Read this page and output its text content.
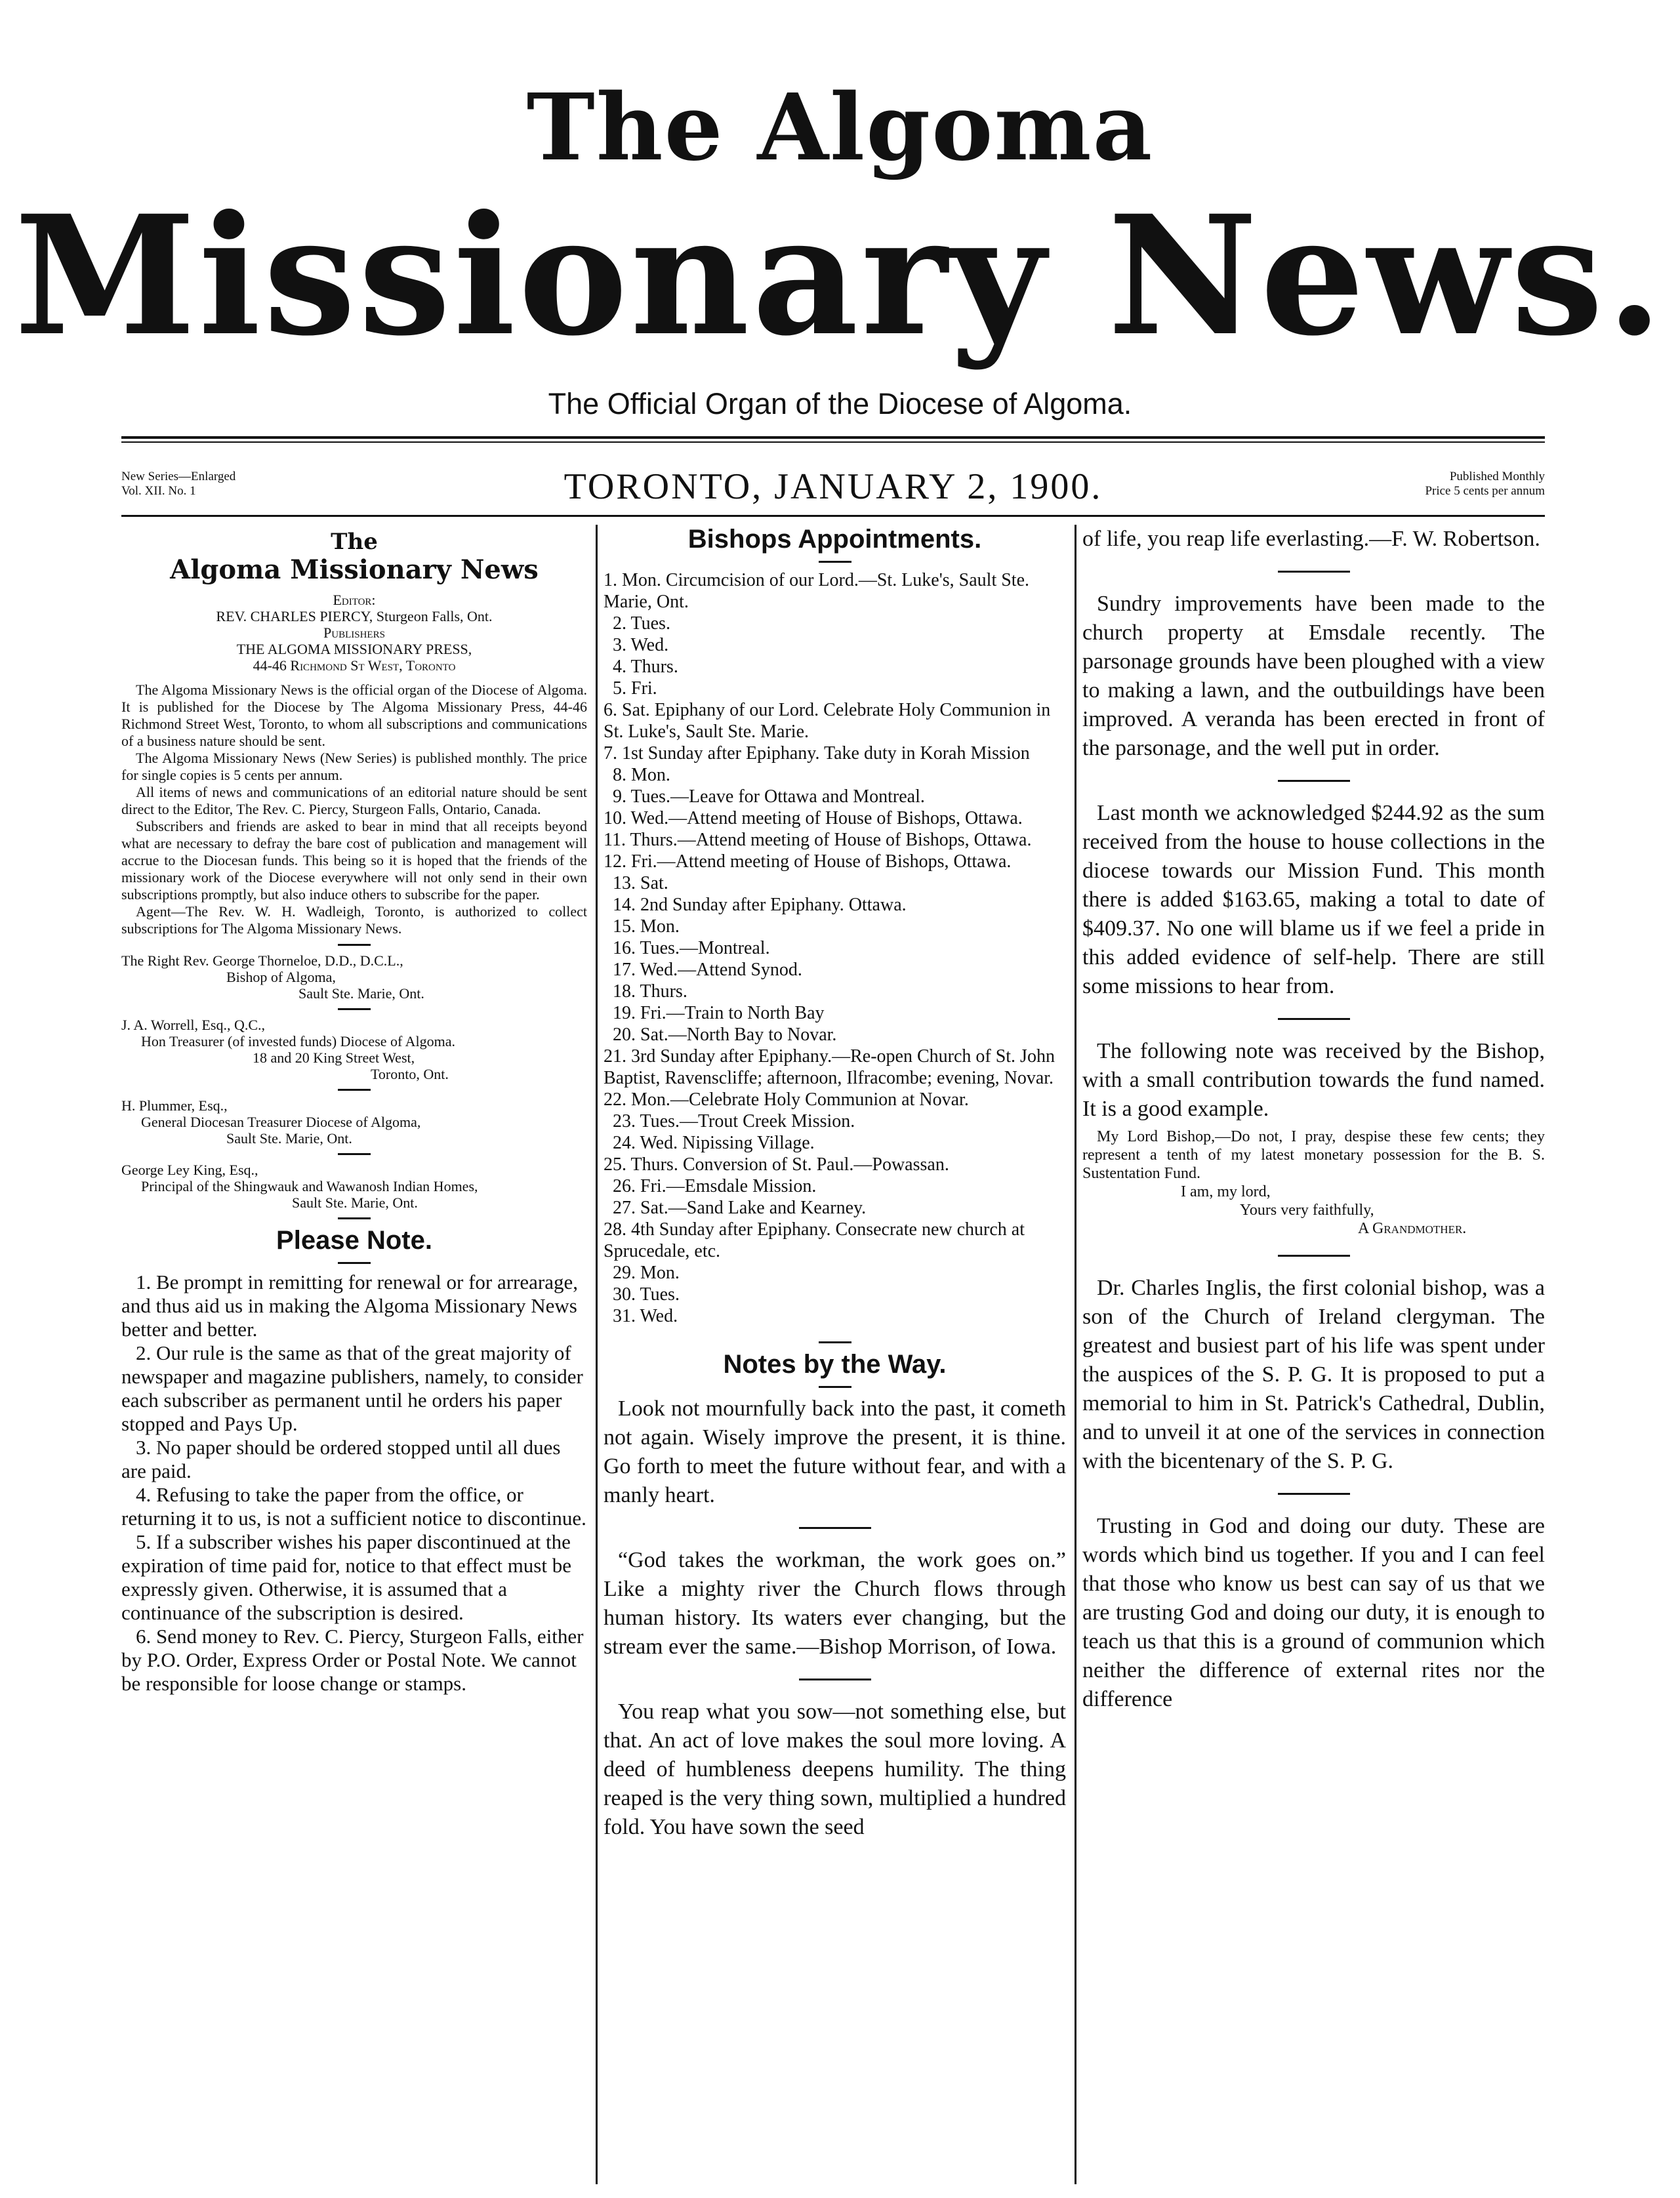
The Algoma
Missionary News.
The Official Organ of the Diocese of Algoma.
New Series—Enlarged
Vol. XII. No. 1	TORONTO, JANUARY 2, 1900.	Published Monthly
Price 5 cents per annum
The
Algoma Missionary News

Editor:

REV. CHARLES PIERCY, Sturgeon Falls, Ont.

Publishers

THE ALGOMA MISSIONARY PRESS,

44-46 Richmond St West, Toronto

The Algoma Missionary News is the official organ of the Diocese of Algoma. It is published for the Diocese by The Algoma Missionary Press, 44-46 Richmond Street West, Toronto, to whom all subscriptions and communications of a business nature should be sent.

The Algoma Missionary News (New Series) is published monthly. The price for single copies is 5 cents per annum.

All items of news and communications of an editorial nature should be sent direct to the Editor, The Rev. C. Piercy, Sturgeon Falls, Ontario, Canada.

Subscribers and friends are asked to bear in mind that all receipts beyond what are necessary to defray the bare cost of publication and management will accrue to the Diocesan funds. This being so it is hoped that the friends of the missionary work of the Diocese everywhere will not only send in their own subscriptions promptly, but also induce others to subscribe for the paper.

Agent—The Rev. W. H. Wadleigh, Toronto, is authorized to collect subscriptions for The Algoma Missionary News.

The Right Rev. George Thorneloe, D.D., D.C.L.,

Bishop of Algoma,

Sault Ste. Marie, Ont.

J. A. Worrell, Esq., Q.C.,

Hon Treasurer (of invested funds) Diocese of Algoma.

18 and 20 King Street West,

Toronto, Ont.

H. Plummer, Esq.,

General Diocesan Treasurer Diocese of Algoma,

Sault Ste. Marie, Ont.

George Ley King, Esq.,

Principal of the Shingwauk and Wawanosh Indian Homes,

Sault Ste. Marie, Ont.

Please Note.

1. Be prompt in remitting for renewal or for arrearage, and thus aid us in making the Algoma Missionary News better and better.

2. Our rule is the same as that of the great majority of newspaper and magazine publishers, namely, to consider each subscriber as permanent until he orders his paper stopped and Pays Up.

3. No paper should be ordered stopped until all dues are paid.

4. Refusing to take the paper from the office, or returning it to us, is not a sufficient notice to discontinue.

5. If a subscriber wishes his paper discontinued at the expiration of time paid for, notice to that effect must be expressly given. Otherwise, it is assumed that a continuance of the subscription is desired.

6. Send money to Rev. C. Piercy, Sturgeon Falls, either by P.O. Order, Express Order or Postal Note. We cannot be responsible for loose change or stamps.

Bishops Appointments.
1. Mon. Circumcision of our Lord.—St. Luke's, Sault Ste. Marie, Ont.
2. Tues.
3. Wed.
4. Thurs.
5. Fri.
6. Sat. Epiphany of our Lord. Celebrate Holy Communion in St. Luke's, Sault Ste. Marie.
7. 1st Sunday after Epiphany. Take duty in Korah Mission
8. Mon.
9. Tues.—Leave for Ottawa and Montreal.
10. Wed.—Attend meeting of House of Bishops, Ottawa.
11. Thurs.—Attend meeting of House of Bishops, Ottawa.
12. Fri.—Attend meeting of House of Bishops, Ottawa.
13. Sat.
14. 2nd Sunday after Epiphany. Ottawa.
15. Mon.
16. Tues.—Montreal.
17. Wed.—Attend Synod.
18. Thurs.
19. Fri.—Train to North Bay
20. Sat.—North Bay to Novar.
21. 3rd Sunday after Epiphany.—Re-open Church of St. John Baptist, Ravenscliffe; afternoon, Ilfracombe; evening, Novar.
22. Mon.—Celebrate Holy Communion at Novar.
23. Tues.—Trout Creek Mission.
24. Wed. Nipissing Village.
25. Thurs. Conversion of St. Paul.—Powassan.
26. Fri.—Emsdale Mission.
27. Sat.—Sand Lake and Kearney.
28. 4th Sunday after Epiphany. Consecrate new church at Sprucedale, etc.
29. Mon.
30. Tues.
31. Wed.
Notes by the Way.

Look not mournfully back into the past, it cometh not again. Wisely improve the present, it is thine. Go forth to meet the future without fear, and with a manly heart.

“God takes the workman, the work goes on.” Like a mighty river the Church flows through human history. Its waters ever changing, but the stream ever the same.—Bishop Morrison, of Iowa.

You reap what you sow—not something else, but that. An act of love makes the soul more loving. A deed of humbleness deepens humility. The thing reaped is the very thing sown, multiplied a hundred fold. You have sown the seed

of life, you reap life everlasting.—F. W. Robertson.

Sundry improvements have been made to the church property at Emsdale recently. The parsonage grounds have been ploughed with a view to making a lawn, and the outbuildings have been improved. A veranda has been erected in front of the parsonage, and the well put in order.

Last month we acknowledged $244.92 as the sum received from the house to house collections in the diocese towards our Mission Fund. This month there is added $163.65, making a total to date of $409.37. No one will blame us if we feel a pride in this added evidence of self-help. There are still some missions to hear from.

The following note was received by the Bishop, with a small contribution towards the fund named. It is a good example.

My Lord Bishop,—Do not, I pray, despise these few cents; they represent a tenth of my latest monetary possession for the B. S. Sustentation Fund.

I am, my lord,

Yours very faithfully,

A Grandmother.

Dr. Charles Inglis, the first colonial bishop, was a son of the Church of Ireland clergyman. The greatest and busiest part of his life was spent under the auspices of the S. P. G. It is proposed to put a memorial to him in St. Patrick's Cathedral, Dublin, and to unveil it at one of the services in connection with the bicentenary of the S. P. G.

Trusting in God and doing our duty. These are words which bind us together. If you and I can feel that those who know us best can say of us that we are trusting God and doing our duty, it is enough to teach us that this is a ground of communion which neither the difference of external rites nor the difference
